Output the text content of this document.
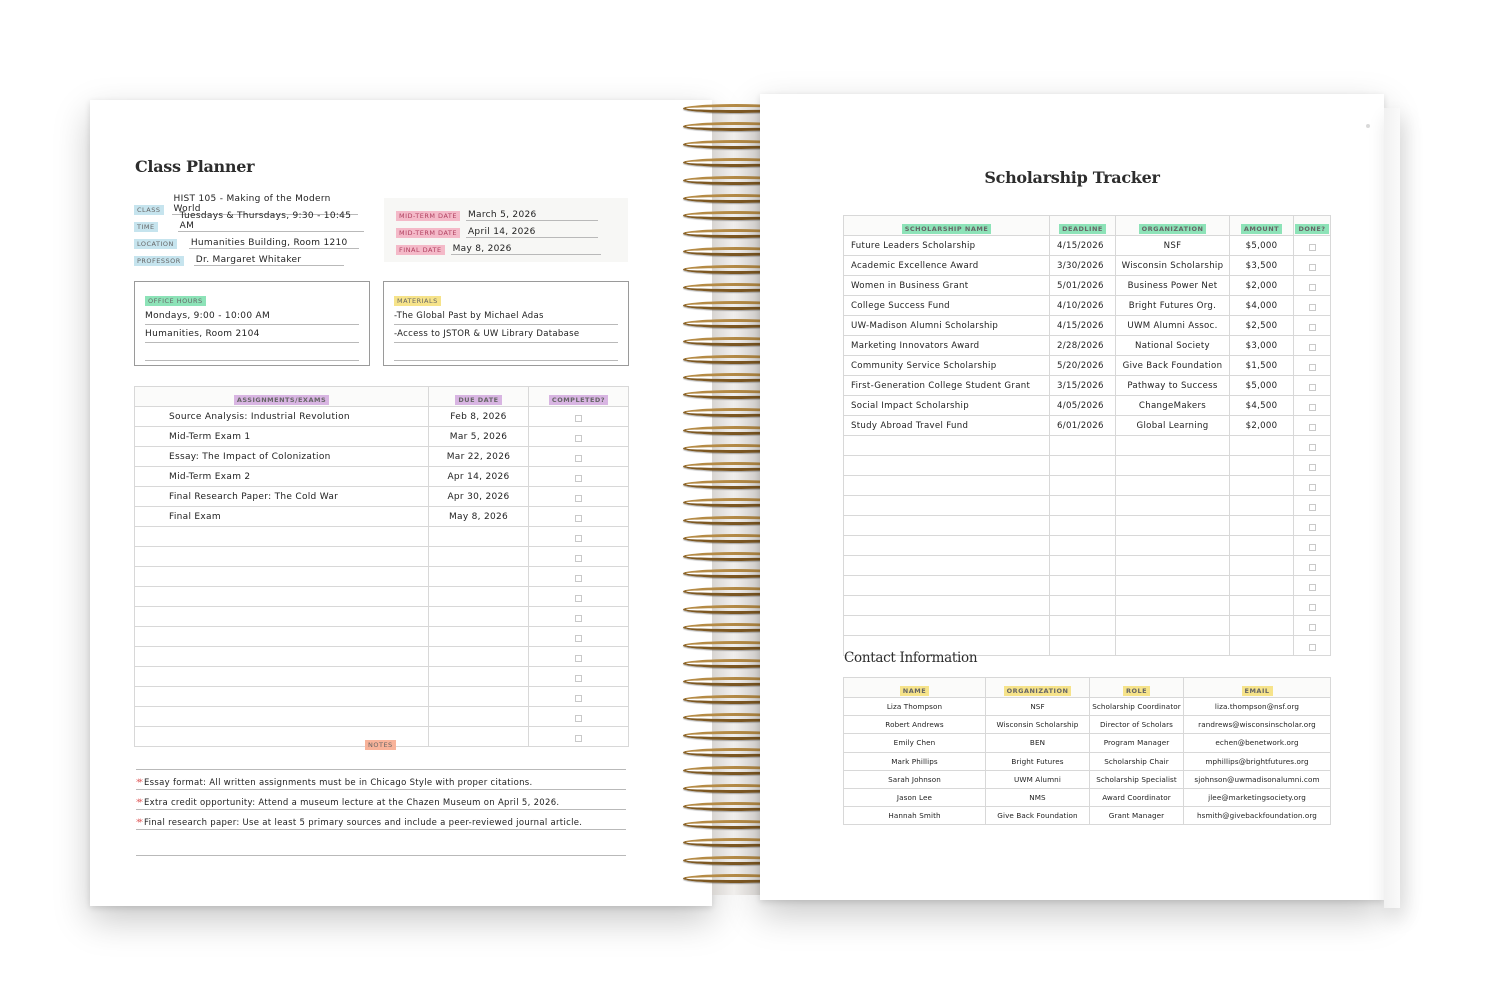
Class Planner
CLASS
HIST 105 - Making of the Modern World
TIME
Tuesdays & Thursdays, 9:30 - 10:45 AM
LOCATION	Humanities Building, Room 1210
PROFESSOR	Dr. Margaret Whitaker
MID-TERM DATE	March 5, 2026
MID-TERM DATE	April 14, 2026
FINAL DATE	May 8, 2026
OFFICE HOURS
Mondays, 9:00 - 10:00 AM
Humanities, Room 2104
MATERIALS
-The Global Past by Michael Adas
-Access to JSTOR & UW Library Database
ASSIGNMENTS/EXAMS	DUE DATE	COMPLETED?
Source Analysis: Industrial Revolution	Feb 8, 2026	
Mid-Term Exam 1	Mar 5, 2026	
Essay: The Impact of Colonization	Mar 22, 2026	
Mid-Term Exam 2	Apr 14, 2026	
Final Research Paper: The Cold War	Apr 30, 2026	
Final Exam	May 8, 2026	

NOTES
** Essay format: All written assignments must be in Chicago Style with proper citations.
** Extra credit opportunity: Attend a museum lecture at the Chazen Museum on April 5, 2026.
** Final research paper: Use at least 5 primary sources and include a peer-reviewed journal article.
Scholarship Tracker
SCHOLARSHIP NAME	DEADLINE	ORGANIZATION	AMOUNT	DONE?
Future Leaders Scholarship	4/15/2026	NSF	$5,000	
Academic Excellence Award	3/30/2026	Wisconsin Scholarship	$3,500	
Women in Business Grant	5/01/2026	Business Power Net	$2,000	
College Success Fund	4/10/2026	Bright Futures Org.	$4,000	
UW-Madison Alumni Scholarship	4/15/2026	UWM Alumni Assoc.	$2,500	
Marketing Innovators Award	2/28/2026	National Society	$3,000	
Community Service Scholarship	5/20/2026	Give Back Foundation	$1,500	
First-Generation College Student Grant	3/15/2026	Pathway to Success	$5,000	
Social Impact Scholarship	4/05/2026	ChangeMakers	$4,500	
Study Abroad Travel Fund	6/01/2026	Global Learning	$2,000	

Contact Information
NAME	ORGANIZATION	ROLE	EMAIL
Liza Thompson	NSF	Scholarship Coordinator	liza.thompson@nsf.org
Robert Andrews	Wisconsin Scholarship	Director of Scholars	randrews@wisconsinscholar.org
Emily Chen	BEN	Program Manager	echen@benetwork.org
Mark Phillips	Bright Futures	Scholarship Chair	mphillips@brightfutures.org
Sarah Johnson	UWM Alumni	Scholarship Specialist	sjohnson@uwmadisonalumni.com
Jason Lee	NMS	Award Coordinator	jlee@marketingsociety.org
Hannah Smith	Give Back Foundation	Grant Manager	hsmith@givebackfoundation.org
